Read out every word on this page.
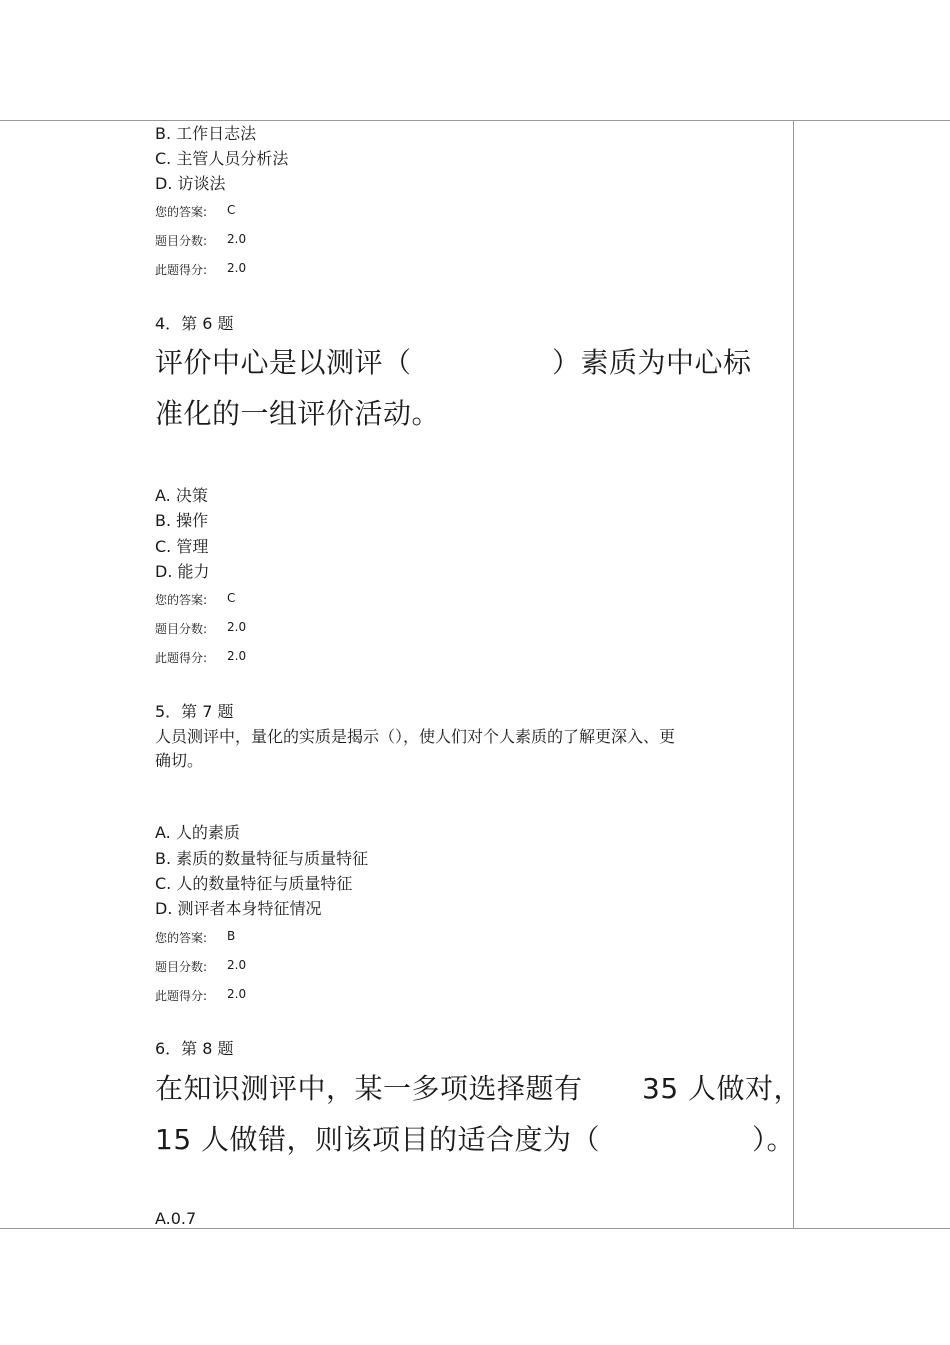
B. 工作日志法
C. 主管人员分析法
D. 访谈法
您的答案: C
题目分数: 2.0
此题得分: 2.0
4．第 6 题
评价中心是以测评（	）素质为中心标
准化的一组评价活动。
A. 决策
B. 操作
C. 管理
D. 能力
您的答案: C
题目分数: 2.0
此题得分: 2.0
5．第 7 题
人员测评中，量化的实质是揭示（），使人们对个人素质的了解更深入、更
确切。
A. 人的素质
B. 素质的数量特征与质量特征
C. 人的数量特征与质量特征
D. 测评者本身特征情况
您的答案: B
题目分数: 2.0
此题得分: 2.0
6．第 8 题
在知识测评中，某一多项选择题有 35 人做对，
15 人做错，则该项目的适合度为（	）。
A.0.7
